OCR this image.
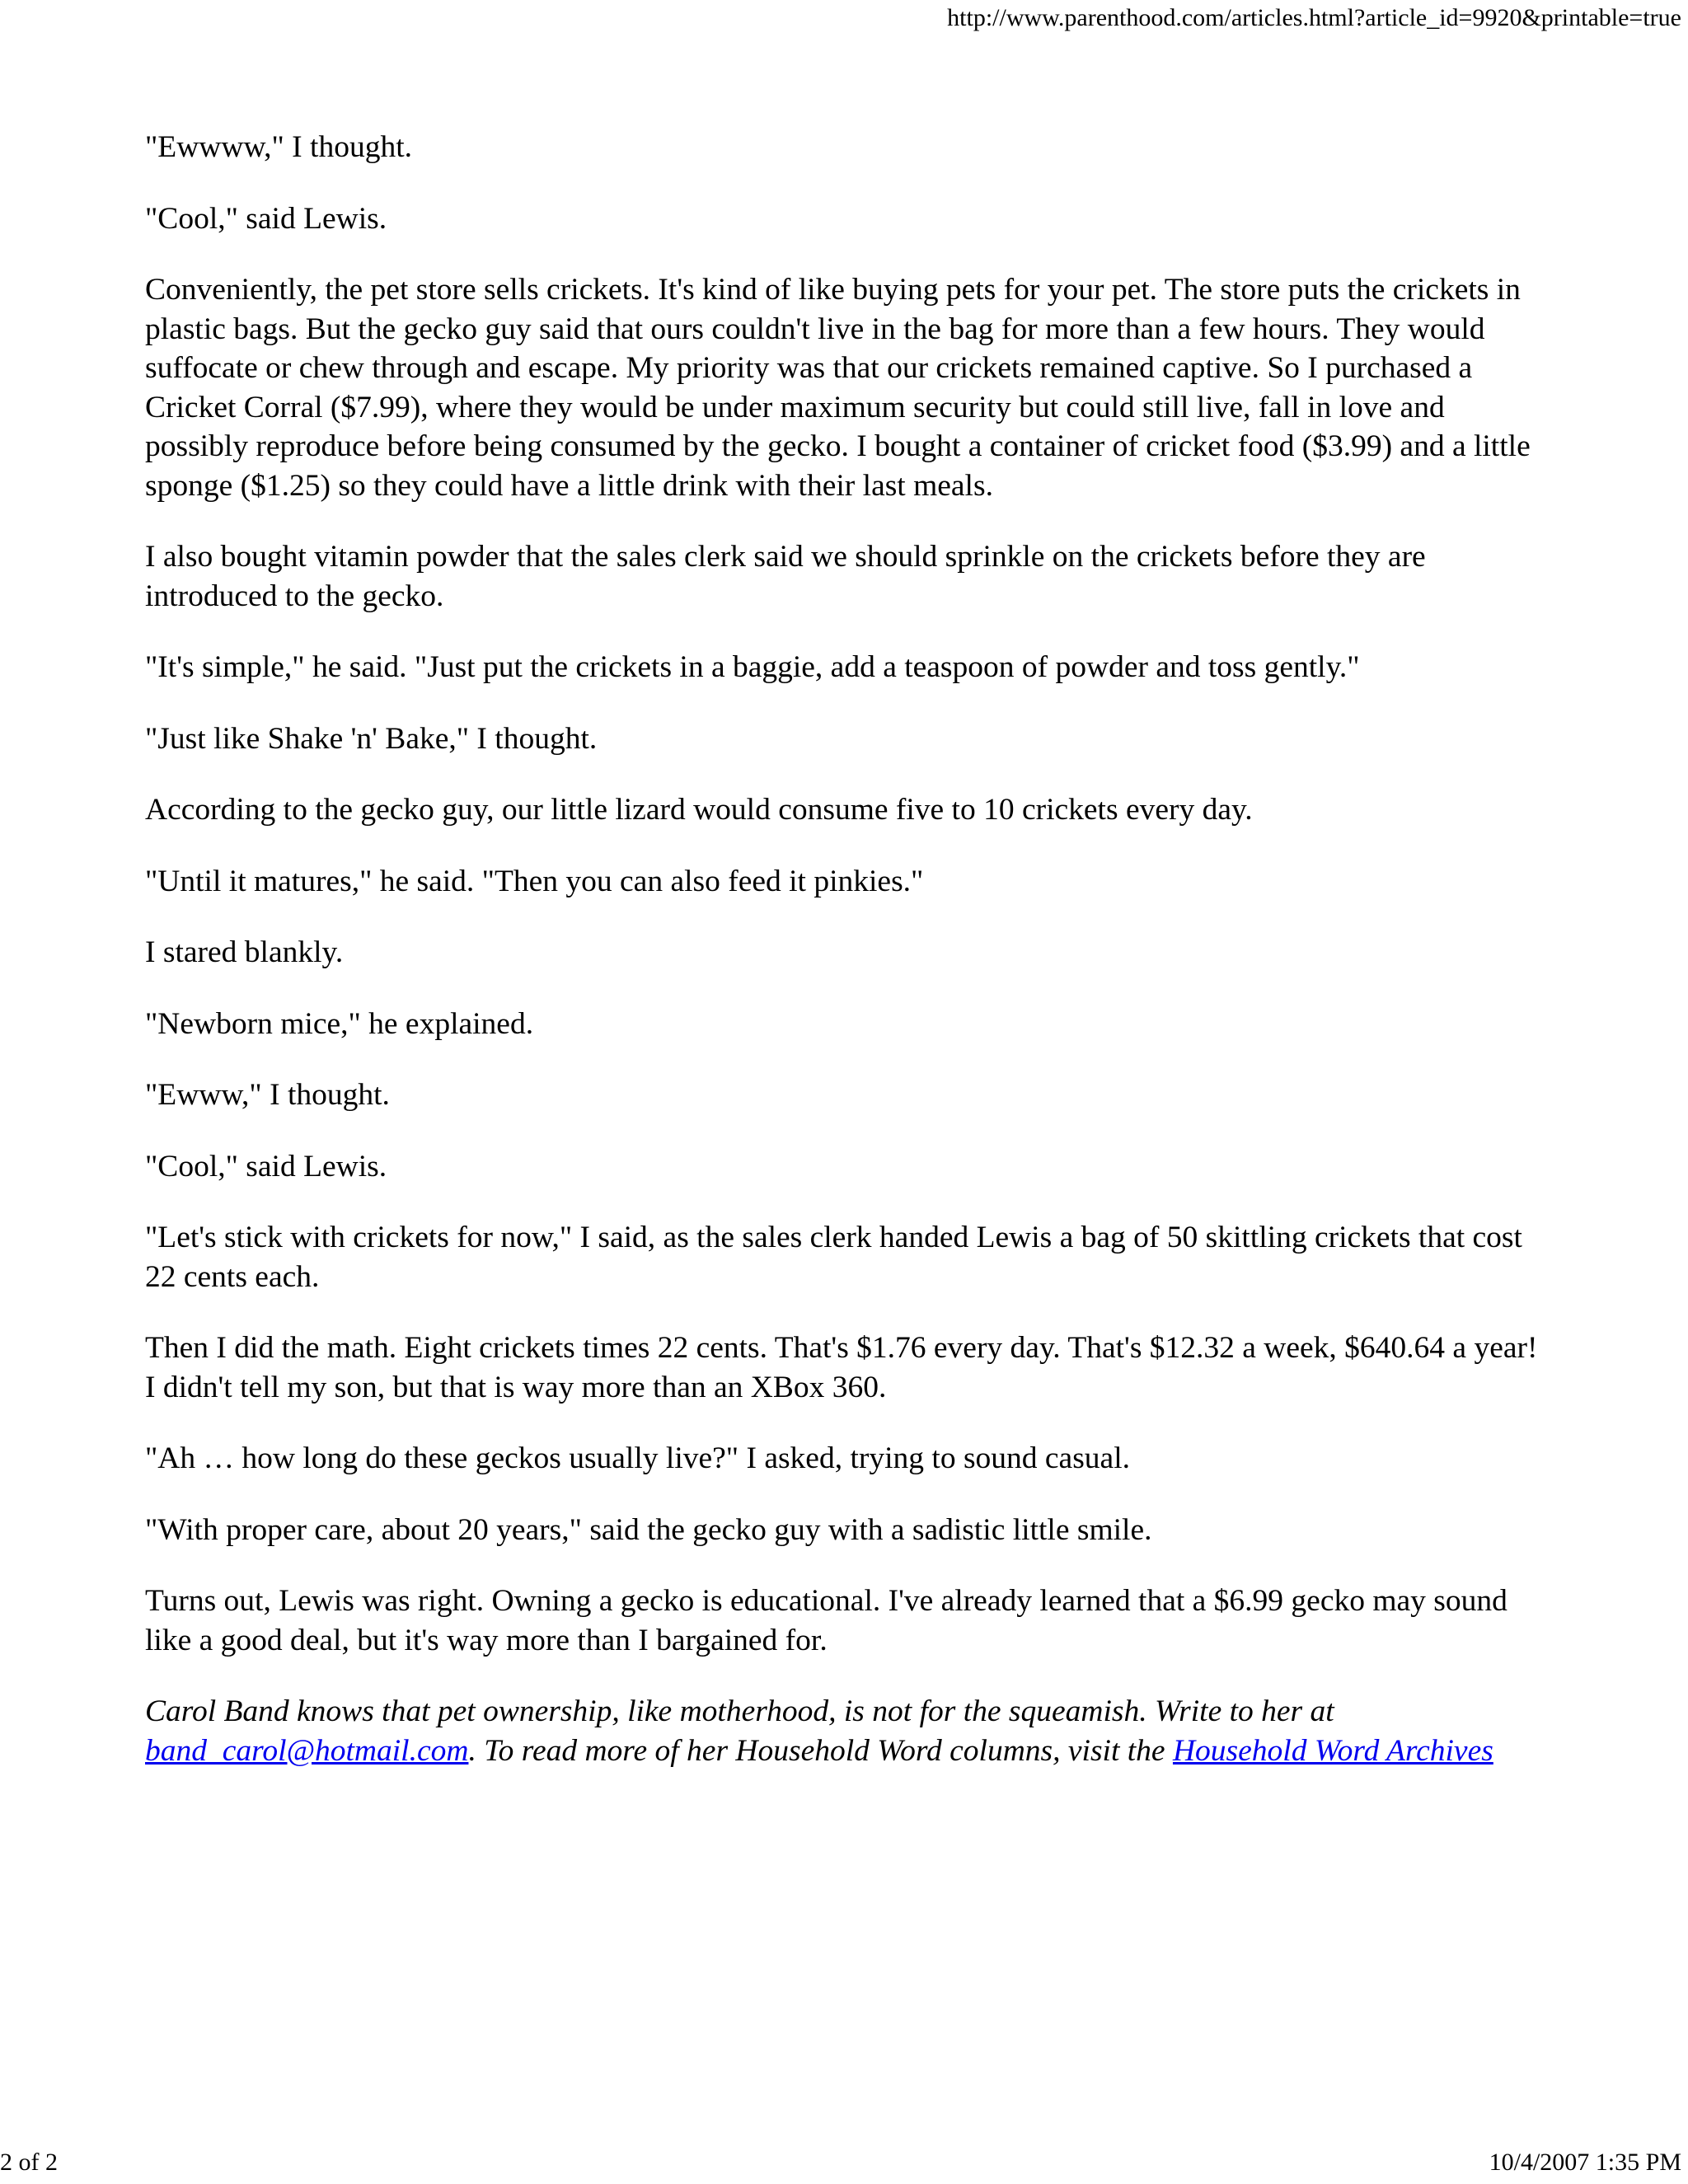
http://www.parenthood.com/articles.html?article_id=9920&printable=true

"Ewwww," I thought.

"Cool," said Lewis.

Conveniently, the pet store sells crickets. It's kind of like buying pets for your pet. The store puts the crickets in plastic bags. But the gecko guy said that ours couldn't live in the bag for more than a few hours. They would suffocate or chew through and escape. My priority was that our crickets remained captive. So I purchased a Cricket Corral ($7.99), where they would be under maximum security but could still live, fall in love and possibly reproduce before being consumed by the gecko. I bought a container of cricket food ($3.99) and a little sponge ($1.25) so they could have a little drink with their last meals.

I also bought vitamin powder that the sales clerk said we should sprinkle on the crickets before they are introduced to the gecko.

"It's simple," he said. "Just put the crickets in a baggie, add a teaspoon of powder and toss gently."

"Just like Shake 'n' Bake," I thought.

According to the gecko guy, our little lizard would consume five to 10 crickets every day.

"Until it matures," he said. "Then you can also feed it pinkies."

I stared blankly.

"Newborn mice," he explained.

"Ewww," I thought.

"Cool," said Lewis.

"Let's stick with crickets for now," I said, as the sales clerk handed Lewis a bag of 50 skittling crickets that cost 22 cents each.

Then I did the math. Eight crickets times 22 cents. That's $1.76 every day. That's $12.32 a week, $640.64 a year! I didn't tell my son, but that is way more than an XBox 360.

"Ah … how long do these geckos usually live?" I asked, trying to sound casual.

"With proper care, about 20 years," said the gecko guy with a sadistic little smile.

Turns out, Lewis was right. Owning a gecko is educational. I've already learned that a $6.99 gecko may sound like a good deal, but it's way more than I bargained for.

Carol Band knows that pet ownership, like motherhood, is not for the squeamish. Write to her at band_carol@hotmail.com. To read more of her Household Word columns, visit the Household Word Archives

2 of 2	10/4/2007 1:35 PM
